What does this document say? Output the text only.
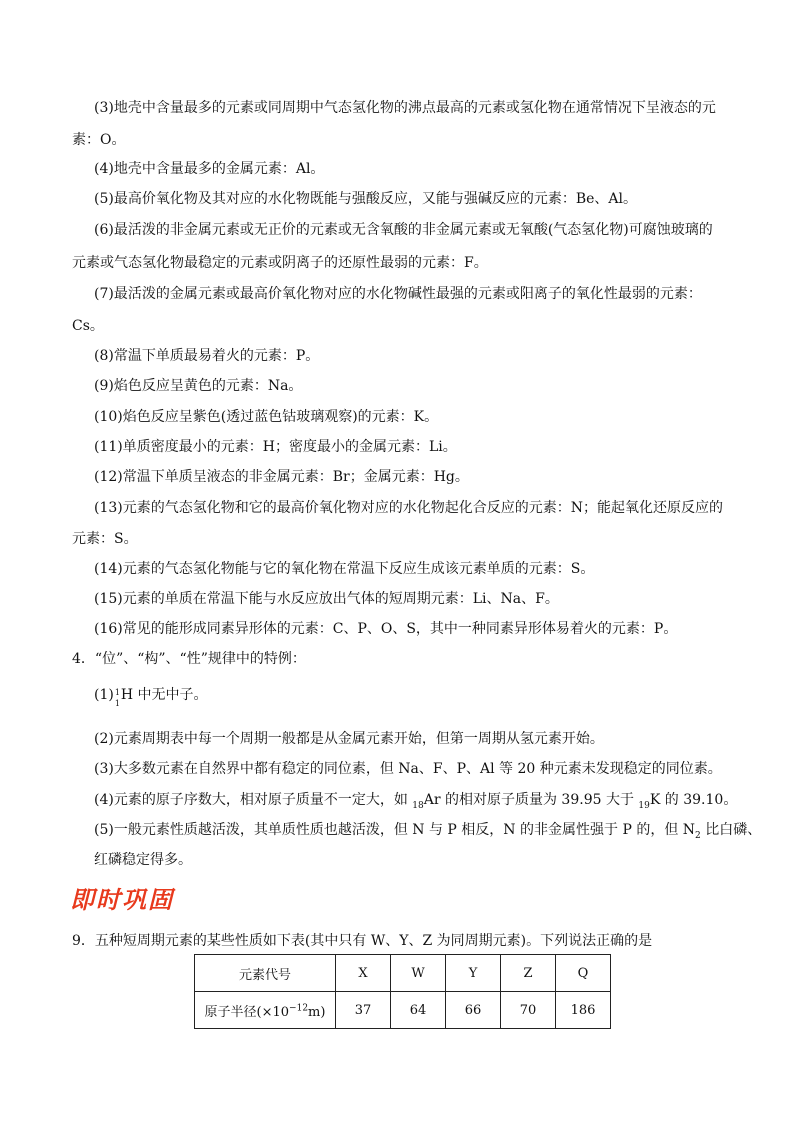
(3)地壳中含量最多的元素或同周期中气态氢化物的沸点最高的元素或氢化物在通常情况下呈液态的元
素：O。
(4)地壳中含量最多的金属元素：Al。
(5)最高价氧化物及其对应的水化物既能与强酸反应，又能与强碱反应的元素：Be、Al。
(6)最活泼的非金属元素或无正价的元素或无含氧酸的非金属元素或无氧酸(气态氢化物)可腐蚀玻璃的
元素或气态氢化物最稳定的元素或阴离子的还原性最弱的元素：F。
(7)最活泼的金属元素或最高价氧化物对应的水化物碱性最强的元素或阳离子的氧化性最弱的元素：
Cs。
(8)常温下单质最易着火的元素：P。
(9)焰色反应呈黄色的元素：Na。
(10)焰色反应呈紫色(透过蓝色钴玻璃观察)的元素：K。
(11)单质密度最小的元素：H；密度最小的金属元素：Li。
(12)常温下单质呈液态的非金属元素：Br；金属元素：Hg。
(13)元素的气态氢化物和它的最高价氧化物对应的水化物起化合反应的元素：N；能起氧化还原反应的
元素：S。
(14)元素的气态氢化物能与它的氧化物在常温下反应生成该元素单质的元素：S。
(15)元素的单质在常温下能与水反应放出气体的短周期元素：Li、Na、F。
(16)常见的能形成同素异形体的元素：C、P、O、S，其中一种同素异形体易着火的元素：P。
4．“位”、“构”、“性”规律中的特例：
(1) 1
1
H 中无中子。
(2)元素周期表中每一个周期一般都是从金属元素开始，但第一周期从氢元素开始。
(3)大多数元素在自然界中都有稳定的同位素，但 Na、F、P、Al 等 20 种元素未发现稳定的同位素。
(4)元素的原子序数大，相对原子质量不一定大，如 $_{18}$Ar 的相对原子质量为 39.95 大于 $_{19}$K 的 39.10。
(5)一般元素性质越活泼，其单质性质也越活泼，但 N 与 P 相反，N 的非金属性强于 P 的，但 $N_2$ 比白磷、
红磷稳定得多。
即时巩固
9．五种短周期元素的某些性质如下表(其中只有 W、Y、Z 为同周期元素)。下列说法正确的是
元素代号	X	W	Y	Z	Q
原子半径$(\times 10^{-12}m)$	37	64	66	70	186
